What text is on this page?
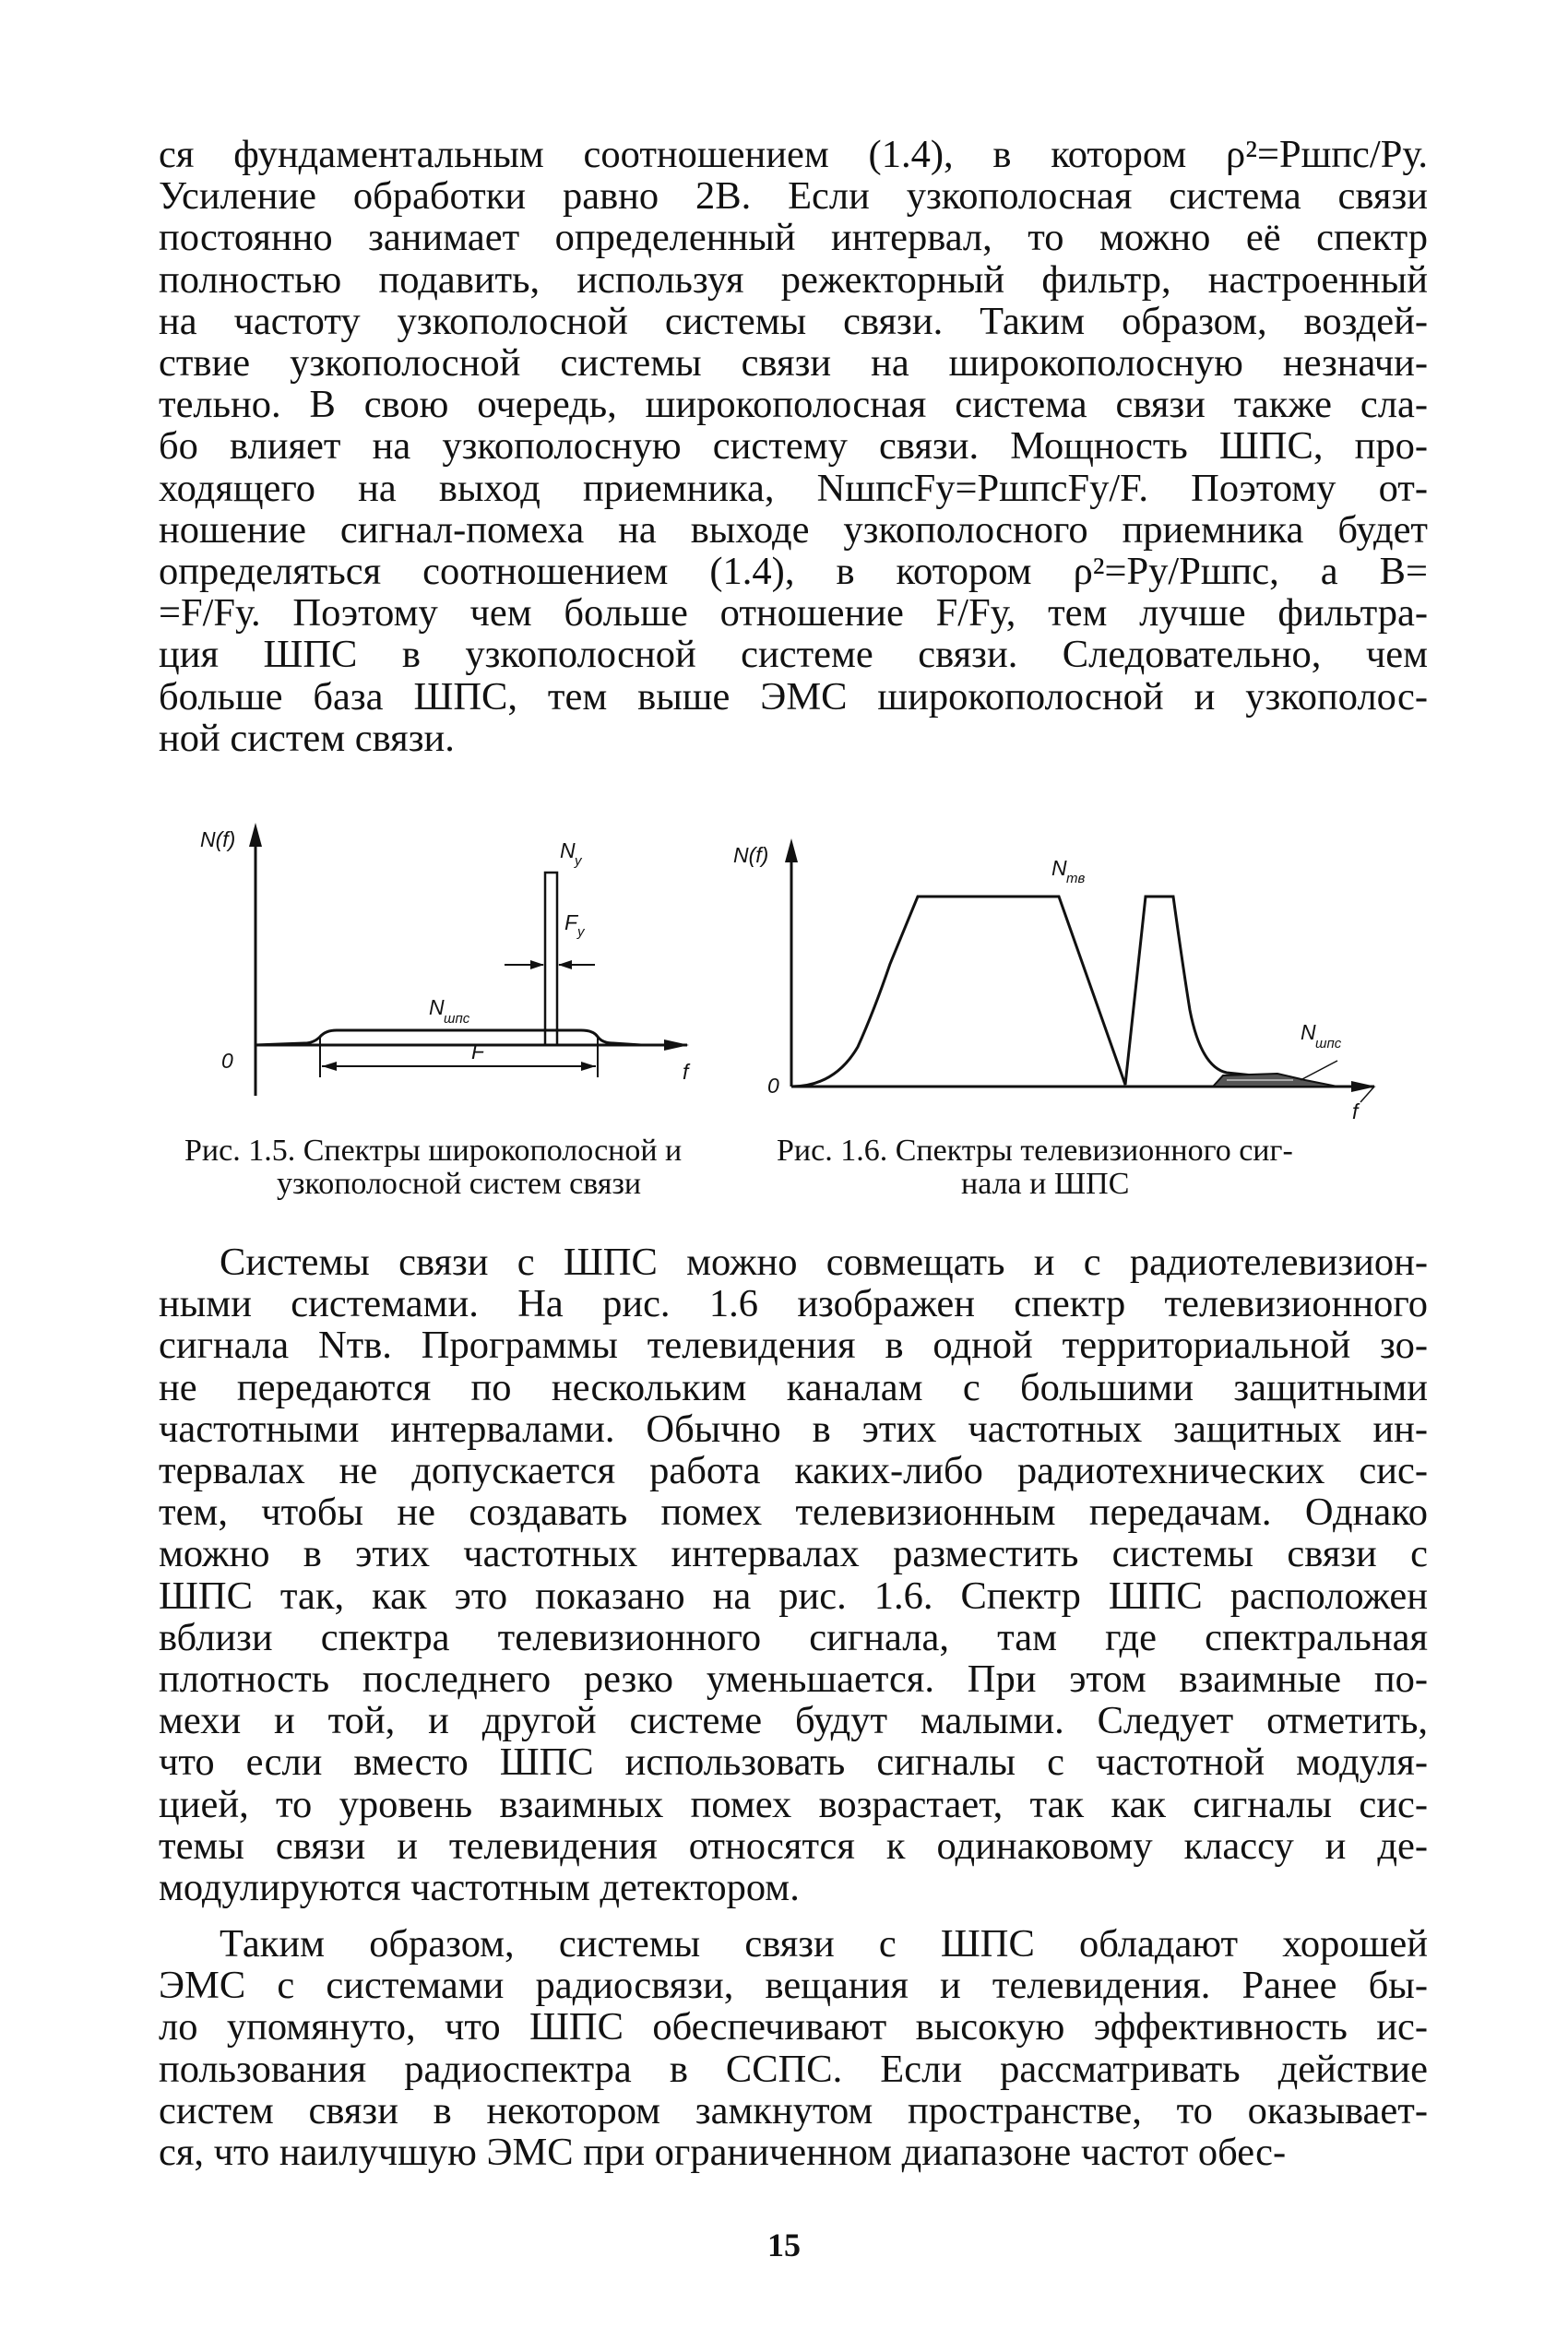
ся фундаментальным соотношением (1.4), в котором ρ²=Pшпс/Pу.
Усиление обработки равно 2B. Если узкополосная система связи
постоянно занимает определенный интервал, то можно её спектр
полностью подавить, используя режекторный фильтр, настроенный
на частоту узкополосной системы связи. Таким образом, воздей-
ствие узкополосной системы связи на широкополосную незначи-
тельно. В свою очередь, широкополосная система связи также сла-
бо влияет на узкополосную систему связи. Мощность ШПС, про-
ходящего на выход приемника, NшпсFу=PшпсFу/F. Поэтому от-
ношение сигнал-помеха на выходе узкополосного приемника будет
определяться соотношением (1.4), в котором ρ²=Pу/Pшпс, а B=
=F/Fу. Поэтому чем больше отношение F/Fу, тем лучше фильтра-
ция ШПС в узкополосной системе связи. Следовательно, чем
больше база ШПС, тем выше ЭМС широкополосной и узкополос-
ной систем связи.
N(f)
0	f
N y
F y
N шпс
F
N(f)
0
f
N тв
N шпс

Рис. 1.5. Спектры широкополосной и
узкополосной систем связи

Рис. 1.6. Спектры телевизионного сиг-
нала и ШПС

Системы связи с ШПС можно совмещать и с радиотелевизион-
ными системами. На рис. 1.6 изображен спектр телевизионного
сигнала Nтв. Программы телевидения в одной территориальной зо-
не передаются по нескольким каналам с большими защитными
частотными интервалами. Обычно в этих частотных защитных ин-
тервалах не допускается работа каких-либо радиотехнических сис-
тем, чтобы не создавать помех телевизионным передачам. Однако
можно в этих частотных интервалах разместить системы связи с
ШПС так, как это показано на рис. 1.6. Спектр ШПС расположен
вблизи спектра телевизионного сигнала, там где спектральная
плотность последнего резко уменьшается. При этом взаимные по-
мехи и той, и другой системе будут малыми. Следует отметить,
что если вместо ШПС использовать сигналы с частотной модуля-
цией, то уровень взаимных помех возрастает, так как сигналы сис-
темы связи и телевидения относятся к одинаковому классу и де-
модулируются частотным детектором.
Таким образом, системы связи с ШПС обладают хорошей
ЭМС с системами радиосвязи, вещания и телевидения. Ранее бы-
ло упомянуто, что ШПС обеспечивают высокую эффективность ис-
пользования радиоспектра в ССПС. Если рассматривать действие
систем связи в некотором замкнутом пространстве, то оказывает-
ся, что наилучшую ЭМС при ограниченном диапазоне частот обес-
15
